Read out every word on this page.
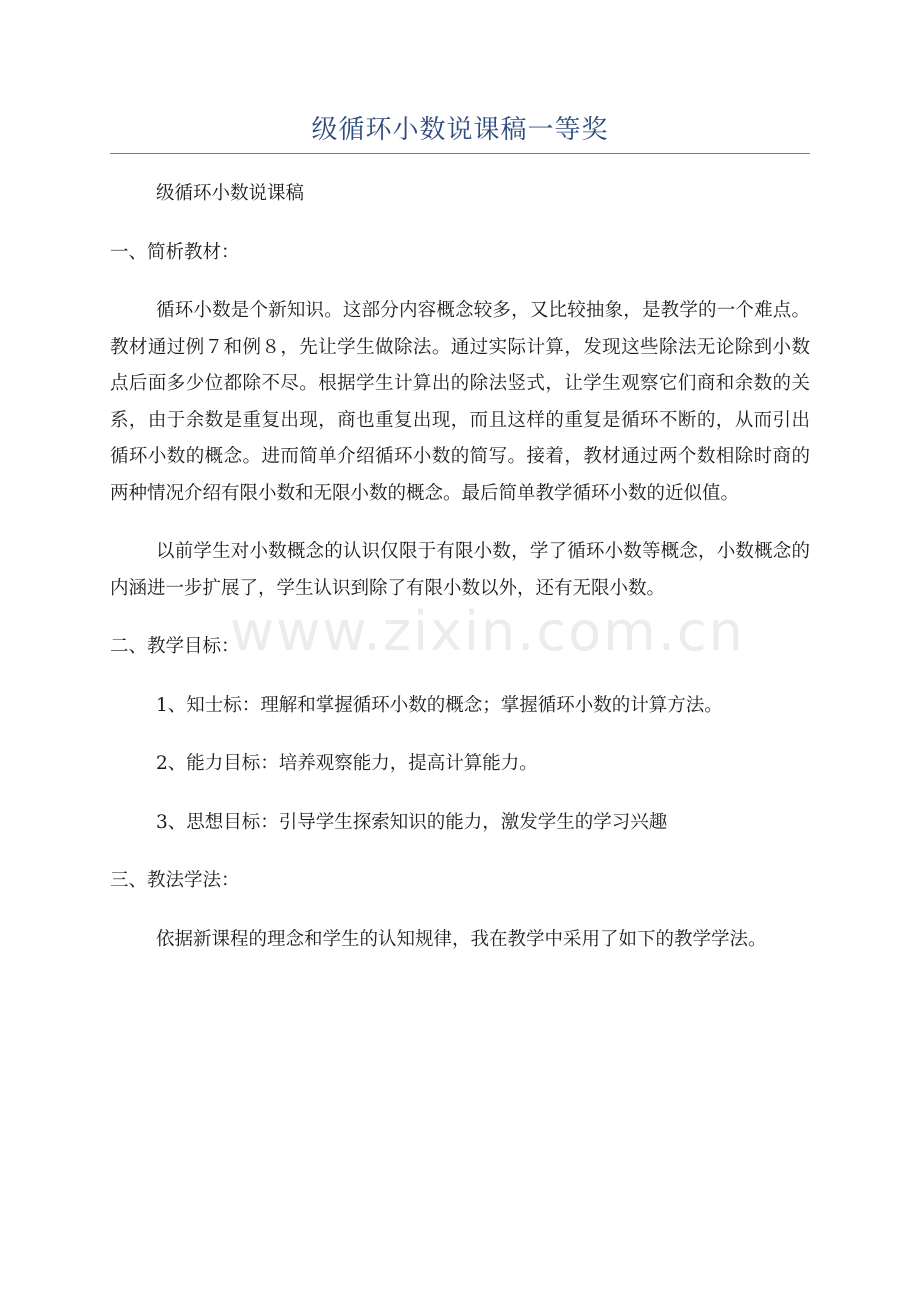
www.zixin.com.cn
级循环小数说课稿一等奖

级循环小数说课稿

一、简析教材：

循环小数是个新知识。这部分内容概念较多，又比较抽象，是教学的一个难点。教材通过例７和例８，先让学生做除法。通过实际计算，发现这些除法无论除到小数点后面多少位都除不尽。根据学生计算出的除法竖式，让学生观察它们商和余数的关系，由于余数是重复出现，商也重复出现，而且这样的重复是循环不断的，从而引出循环小数的概念。进而简单介绍循环小数的简写。接着，教材通过两个数相除时商的两种情况介绍有限小数和无限小数的概念。最后简单教学循环小数的近似值。

以前学生对小数概念的认识仅限于有限小数，学了循环小数等概念，小数概念的内涵进一步扩展了，学生认识到除了有限小数以外，还有无限小数。

二、教学目标：

1、知士标：理解和掌握循环小数的概念；掌握循环小数的计算方法。

2、能力目标：培养观察能力，提高计算能力。

3、思想目标：引导学生探索知识的能力，激发学生的学习兴趣

三、教法学法：

依据新课程的理念和学生的认知规律，我在教学中采用了如下的教学学法。
